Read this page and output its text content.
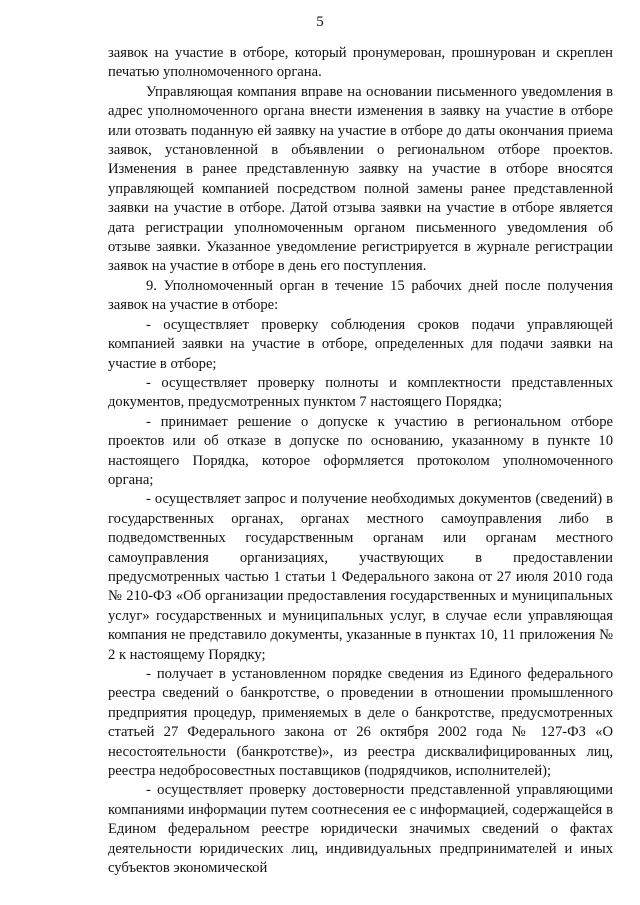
5

заявок на участие в отборе, который пронумерован, прошнурован и скреплен печатью уполномоченного органа.

Управляющая компания вправе на основании письменного уведомления в адрес уполномоченного органа внести изменения в заявку на участие в отборе или отозвать поданную ей заявку на участие в отборе до даты окончания приема заявок, установленной в объявлении о региональном отборе проектов. Изменения в ранее представленную заявку на участие в отборе вносятся управляющей компанией посредством полной замены ранее представленной заявки на участие в отборе. Датой отзыва заявки на участие в отборе является дата регистрации уполномоченным органом письменного уведомления об отзыве заявки. Указанное уведомление регистрируется в журнале регистрации заявок на участие в отборе в день его поступления.

9. Уполномоченный орган в течение 15 рабочих дней после получения заявок на участие в отборе:

- осуществляет проверку соблюдения сроков подачи управляющей компанией заявки на участие в отборе, определенных для подачи заявки на участие в отборе;

- осуществляет проверку полноты и комплектности представленных документов, предусмотренных пунктом 7 настоящего Порядка;

- принимает решение о допуске к участию в региональном отборе проектов или об отказе в допуске по основанию, указанному в пункте 10 настоящего Порядка, которое оформляется протоколом уполномоченного органа;

- осуществляет запрос и получение необходимых документов (сведений) в государственных органах, органах местного самоуправления либо в подведомственных государственным органам или органам местного самоуправления организациях, участвующих в предоставлении предусмотренных частью 1 статьи 1 Федерального закона от 27 июля 2010 года № 210-ФЗ «Об организации предоставления государственных и муниципальных услуг» государственных и муниципальных услуг, в случае если управляющая компания не представило документы, указанные в пунктах 10, 11 приложения № 2 к настоящему Порядку;

- получает в установленном порядке сведения из Единого федерального реестра сведений о банкротстве, о проведении в отношении промышленного предприятия процедур, применяемых в деле о банкротстве, предусмотренных статьей 27 Федерального закона от 26 октября 2002 года № 127-ФЗ «О несостоятельности (банкротстве)», из реестра дисквалифицированных лиц, реестра недобросовестных поставщиков (подрядчиков, исполнителей);

- осуществляет проверку достоверности представленной управляющими компаниями информации путем соотнесения ее с информацией, содержащейся в Едином федеральном реестре юридически значимых сведений о фактах деятельности юридических лиц, индивидуальных предпринимателей и иных субъектов экономической
